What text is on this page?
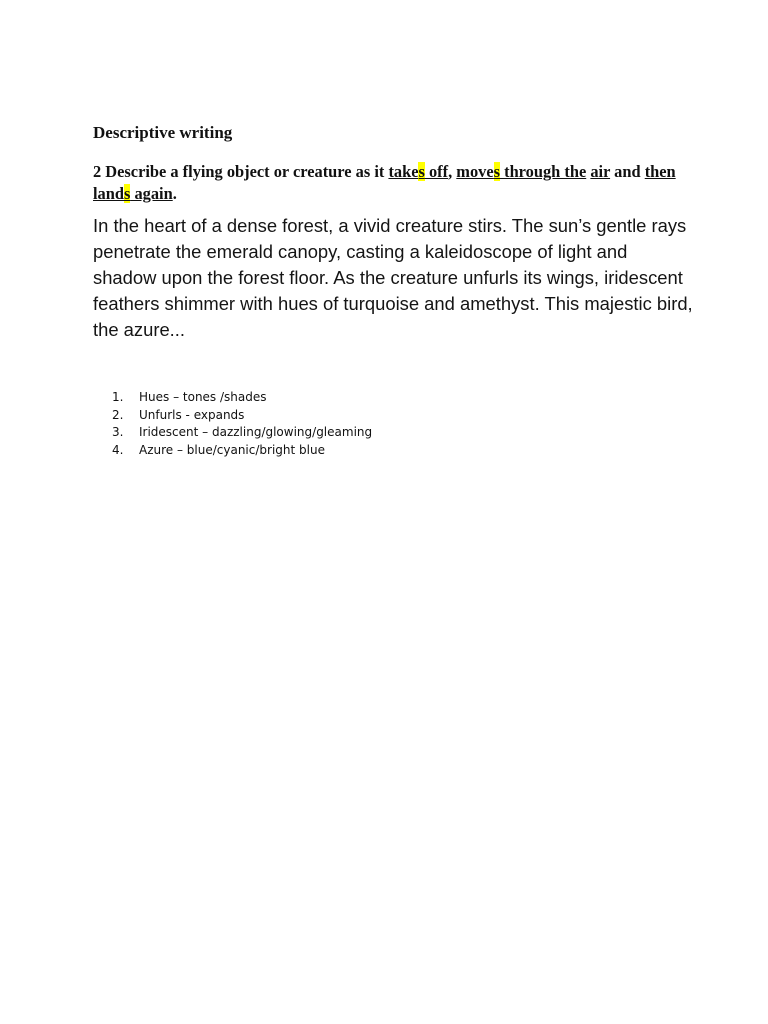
Descriptive writing
2 Describe a flying object or creature as it takes off, moves through the air and then lands again.
In the heart of a dense forest, a vivid creature stirs. The sun’s gentle rays penetrate the emerald canopy, casting a kaleidoscope of light and shadow upon the forest floor. As the creature unfurls its wings, iridescent feathers shimmer with hues of turquoise and amethyst. This majestic bird, the azure...
1.	Hues – tones /shades
2.	Unfurls - expands
3.	Iridescent – dazzling/glowing/gleaming
4.	Azure – blue/cyanic/bright blue
